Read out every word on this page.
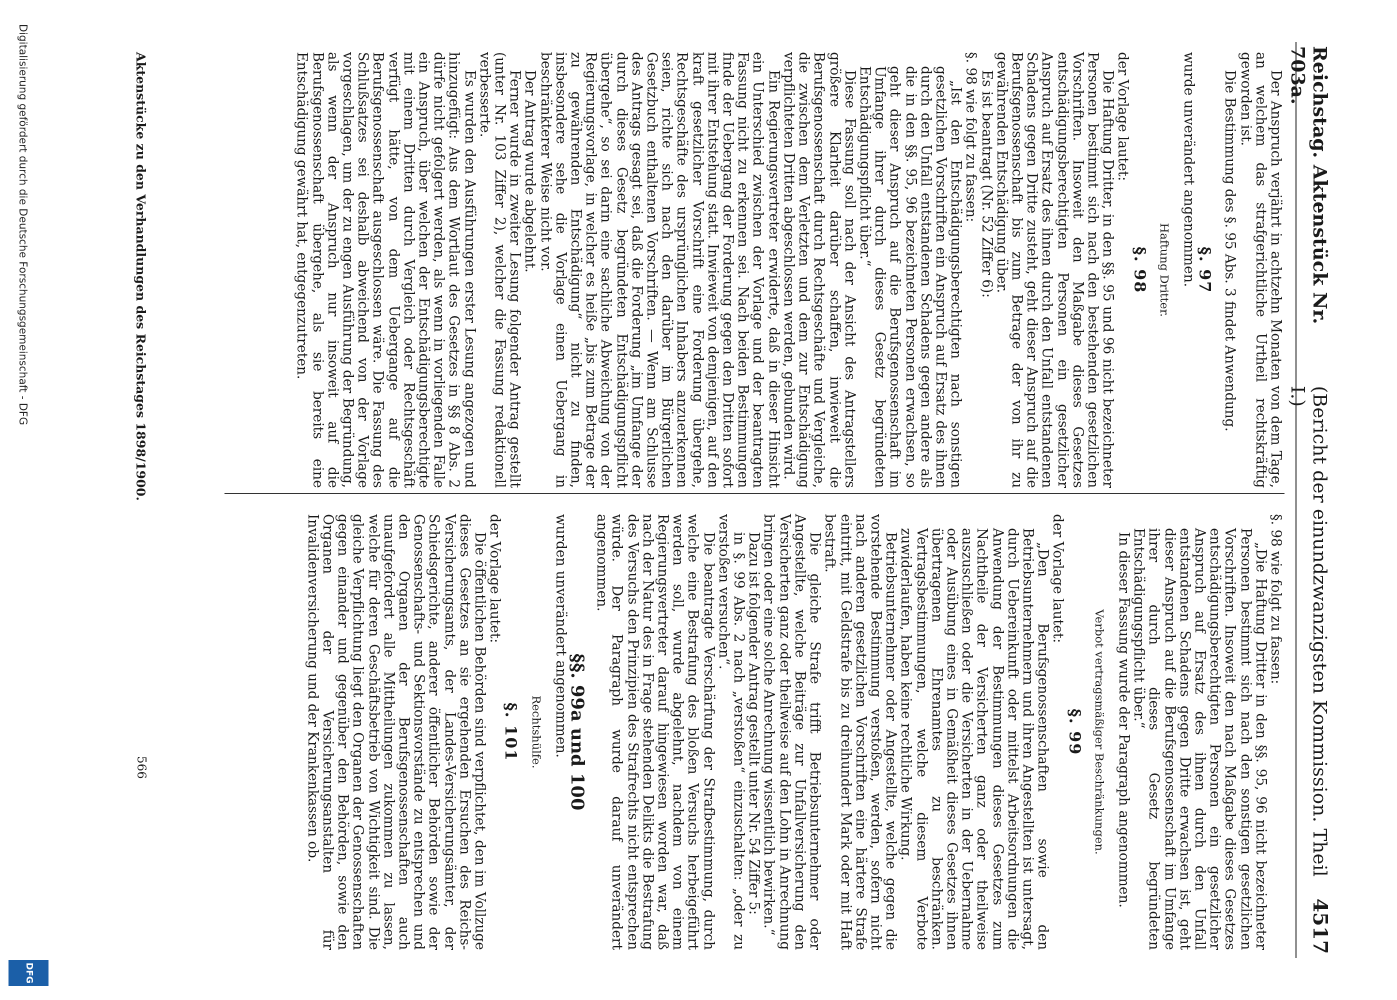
Reichstag. Aktenstück Nr. 703a.
(Bericht der einundzwanzigsten Kommission. Theil I.)
4517

Der Anspruch verjährt in achtzehn Monaten von dem Tage, an welchem das strafgerichtliche Urtheil rechtskräftig geworden ist.

Die Bestimmung des §. 95 Abs. 3 findet Anwendung.

§. 97

wurde unverändert angenommen.

Haftung Dritter.
§. 98

der Vorlage lautet:

Die Haftung Dritter, in den §§. 95 und 96 nicht bezeichneter Personen bestimmt sich nach den bestehenden gesetzlichen Vorschriften. Insoweit den Maßgabe dieses Gesetzes entschädigungsberechtigten Personen ein gesetzlicher Anspruch auf Ersatz des ihnen durch den Unfall entstandenen Schadens gegen Dritte zusteht, geht dieser Anspruch auf die Berufsgenossenschaft bis zum Betrage der von ihr zu gewährenden Entschädigung über.

Es ist beantragt (Nr. 52 Ziffer 6):

§. 98 wie folgt zu fassen:

„Ist den Entschädigungsberechtigten nach sonstigen gesetzlichen Vorschriften ein Anspruch auf Ersatz des ihnen durch den Unfall entstandenen Schadens gegen andere als die in den §§. 95, 96 bezeichneten Personen erwachsen, so geht dieser Anspruch auf die Berufsgenossenschaft im Umfange ihrer durch dieses Gesetz begründeten Entschädigungspflicht über.“

Diese Fassung soll nach der Ansicht des Antragstellers größere Klarheit darüber schaffen, inwieweit die Berufsgenossenschaft durch Rechtsgeschäfte und Vergleiche, die zwischen dem Verletzten und dem zur Entschädigung verpflichteten Dritten abgeschlossen werden, gebunden wird.

Ein Regierungsvertreter erwiderte, daß in dieser Hinsicht ein Unterschied zwischen der Vorlage und der beantragten Fassung nicht zu erkennen sei. Nach beiden Bestimmungen finde der Uebergang der Forderung gegen den Dritten sofort mit ihrer Entstehung statt. Inwieweit von demjenigen, auf den kraft gesetzlicher Vorschrift eine Forderung übergehe, Rechtsgeschäfte des ursprünglichen Inhabers anzuerkennen seien, richte sich nach den darüber im Bürgerlichen Gesetzbuch enthaltenen Vorschriften. — Wenn am Schlusse des Antrags gesagt sei, daß die Forderung „im Umfange der durch dieses Gesetz begründeten Entschädigungspflicht übergehe“, so sei darin eine sachliche Abweichung von der Regierungsvorlage, in welcher es heiße „bis zum Betrage der zu gewährenden Entschädigung“ nicht zu finden, insbesondere sehe die Vorlage einen Uebergang in beschränkterer Weise nicht vor.

Der Antrag wurde abgelehnt.

Ferner wurde in zweiter Lesung folgender Antrag gestellt (unter Nr. 103 Ziffer 2), welcher die Fassung redaktionell verbesserte.

Es wurden den Ausführungen erster Lesung angezogen und hinzugefügt: Aus dem Wortlaut des Gesetzes in §§ 8 Abs. 2 dürfe nicht gefolgert werden, als wenn in vorliegenden Falle ein Anspruch, über welchen der Entschädigungsberechtigte mit einem Dritten durch Vergleich oder Rechtsgeschäft verfügt hätte, von dem Uebergange auf die Berufsgenossenschaft ausgeschlossen wäre. Die Fassung des Schlußsatzes sei deshalb abweichend von der Vorlage vorgeschlagen, um der zu engen Ausführung der Begründung, als wenn der Anspruch nur insoweit auf die Berufsgenossenschaft übergehe, als sie bereits eine Entschädigung gewährt hat, entgegenzutreten.

§. 98 wie folgt zu fassen:

„Die Haftung Dritter in den §§. 95, 96 nicht bezeichneter Personen bestimmt sich nach den sonstigen gesetzlichen Vorschriften. Insoweit den nach Maßgabe dieses Gesetzes entschädigungsberechtigten Personen ein gesetzlicher Anspruch auf Ersatz des ihnen durch den Unfall entstandenen Schadens gegen Dritte erwachsen ist, geht dieser Anspruch auf die Berufsgenossenschaft im Umfange ihrer durch dieses Gesetz begründeten Entschädigungspflicht über.“

In dieser Fassung wurde der Paragraph angenommen.

Verbot vertragsmäßiger Beschränkungen.
§. 99

der Vorlage lautet:

„Den Berufsgenossenschaften sowie den Betriebsunternehmern und ihren Angestellten ist untersagt, durch Uebereinkunft oder mittelst Arbeitsordnungen die Anwendung der Bestimmungen dieses Gesetzes zum Nachtheile der Versicherten ganz oder theilweise auszuschließen oder die Versicherten in der Uebernahme oder Ausübung eines in Gemäßheit dieses Gesetzes ihnen übertragenen Ehrenamtes zu beschränken. Vertragsbestimmungen, welche diesem Verbote zuwiderlaufen, haben keine rechtliche Wirkung.

Betriebsunternehmer oder Angestellte, welche gegen die vorstehende Bestimmung verstoßen, werden, sofern nicht nach anderen gesetzlichen Vorschriften eine härtere Strafe eintritt, mit Geldstrafe bis zu dreihundert Mark oder mit Haft bestraft.

Die gleiche Strafe trifft Betriebsunternehmer oder Angestellte, welche Beiträge zur Unfallversicherung den Versicherten ganz oder theilweise auf den Lohn in Anrechnung bringen oder eine solche Anrechnung wissentlich bewirken.“

Dazu ist folgender Antrag gestellt unter Nr. 54 Ziffer 5:

in §. 99 Abs. 2 nach „verstoßen“ einzuschalten: „oder zu verstoßen versuchen“.

Die beantragte Verschärfung der Strafbestimmung, durch welche eine Bestrafung des bloßen Versuchs herbeigeführt werden soll, wurde abgelehnt, nachdem von einem Regierungsvertreter darauf hingewiesen worden war, daß nach der Natur des in Frage stehenden Delikts die Bestrafung des Versuchs den Prinzipien des Strafrechts nicht entsprechen würde. Der Paragraph wurde darauf unverändert angenommen.

§§. 99a und 100

wurden unverändert angenommen.

Rechtshülfe.
§. 101

der Vorlage lautet:

Die öffentlichen Behörden sind verpflichtet, den im Vollzuge dieses Gesetzes an sie ergehenden Ersuchen des Reichs-Versicherungsamts, der Landes-Versicherungsämter, der Schiedsgerichte, anderer öffentlicher Behörden sowie der Genossenschafts- und Sektionsvorstände zu entsprechen und den Organen der Berufsgenossenschaften auch unaufgefordert alle Mittheilungen zukommen zu lassen, welche für deren Geschäftsbetrieb von Wichtigkeit sind. Die gleiche Verpflichtung liegt den Organen der Genossenschaften gegen einander und gegenüber den Behörden, sowie den Organen der Versicherungsanstalten für Invalidenversicherung und der Krankenkassen ob.

Aktenstücke zu den Verhandlungen des Reichstages 1898/1900.
566
Digitalisierung gefördert durch die Deutsche Forschungsgemeinschaft - DFG
DFG
